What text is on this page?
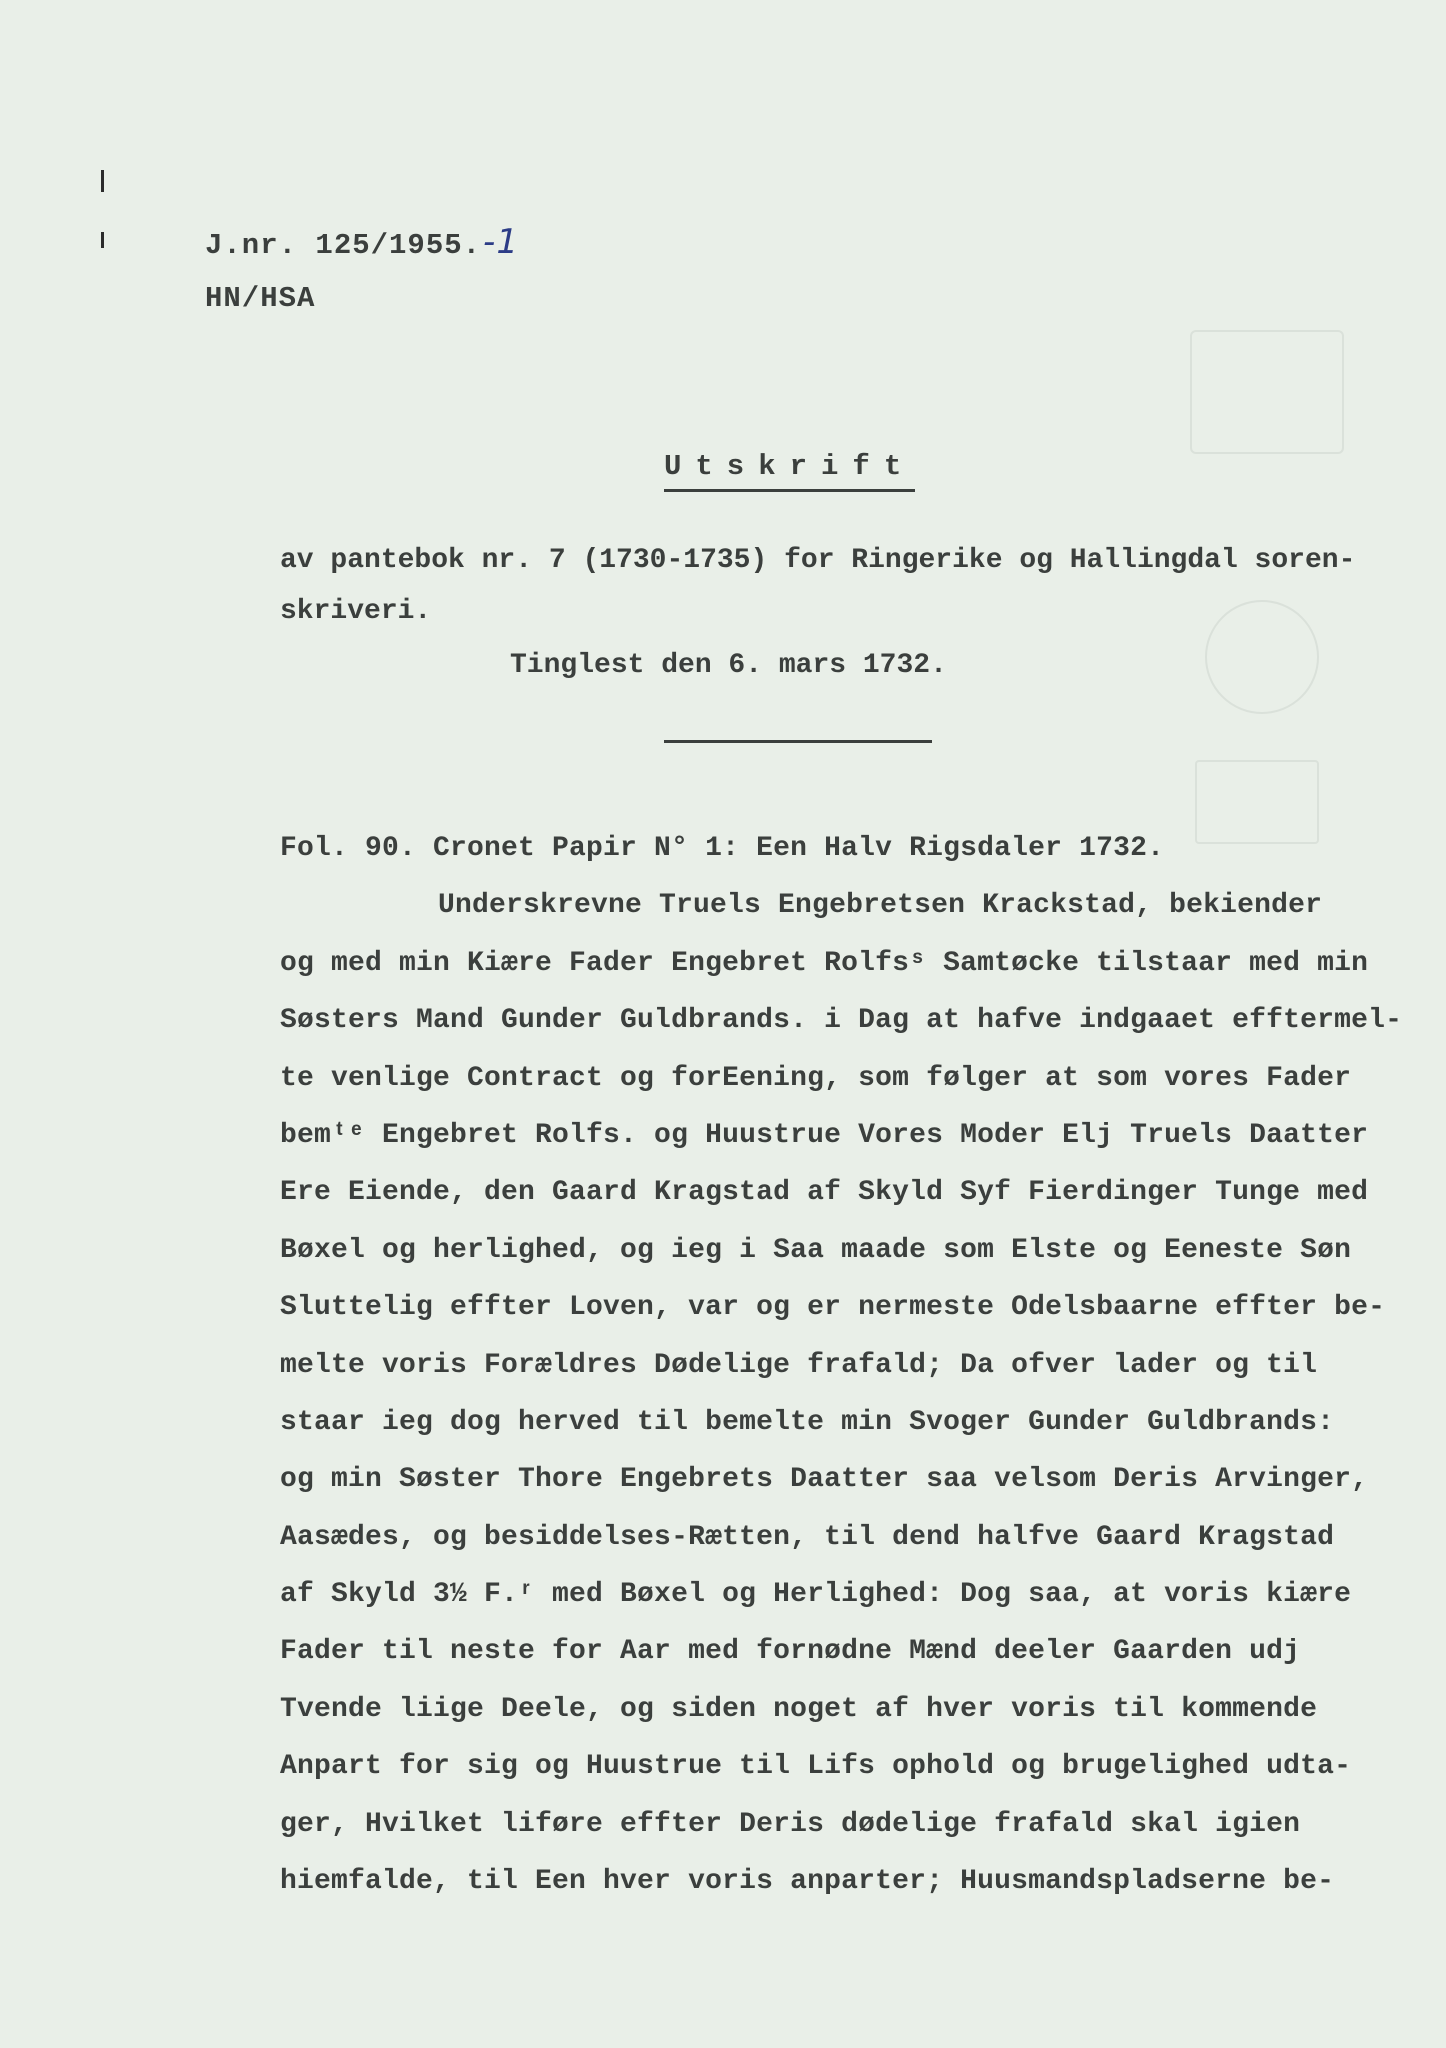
J.nr. 125/1955.-1
HN/HSA
Utskrift
av pantebok nr. 7 (1730-1735) for Ringerike og Hallingdal soren-
skriveri.
Tinglest den 6. mars 1732.
Fol. 90. Cronet Papir N° 1: Een Halv Rigsdaler 1732.
Underskrevne Truels Engebretsen Krackstad, bekiender
og med min Kiære Fader Engebret Rolfsˢ Samtøcke tilstaar med min
Søsters Mand Gunder Guldbrands. i Dag at hafve indgaaet efftermel-
te venlige Contract og forEening, som følger at som vores Fader
bemᵗᵉ Engebret Rolfs. og Huustrue Vores Moder Elj Truels Daatter
Ere Eiende, den Gaard Kragstad af Skyld Syf Fierdinger Tunge med
Bøxel og herlighed, og ieg i Saa maade som Elste og Eeneste Søn
Sluttelig effter Loven, var og er nermeste Odelsbaarne effter be-
melte voris Forældres Dødelige frafald; Da ofver lader og til
staar ieg dog herved til bemelte min Svoger Gunder Guldbrands:
og min Søster Thore Engebrets Daatter saa velsom Deris Arvinger,
Aasædes, og besiddelses-Rætten, til dend halfve Gaard Kragstad
af Skyld 3½ F.ʳ med Bøxel og Herlighed: Dog saa, at voris kiære
Fader til neste for Aar med fornødne Mænd deeler Gaarden udj
Tvende liige Deele, og siden noget af hver voris til kommende
Anpart for sig og Huustrue til Lifs ophold og brugelighed udta-
ger, Hvilket liføre effter Deris dødelige frafald skal igien
hiemfalde, til Een hver voris anparter; Huusmandspladserne be-
